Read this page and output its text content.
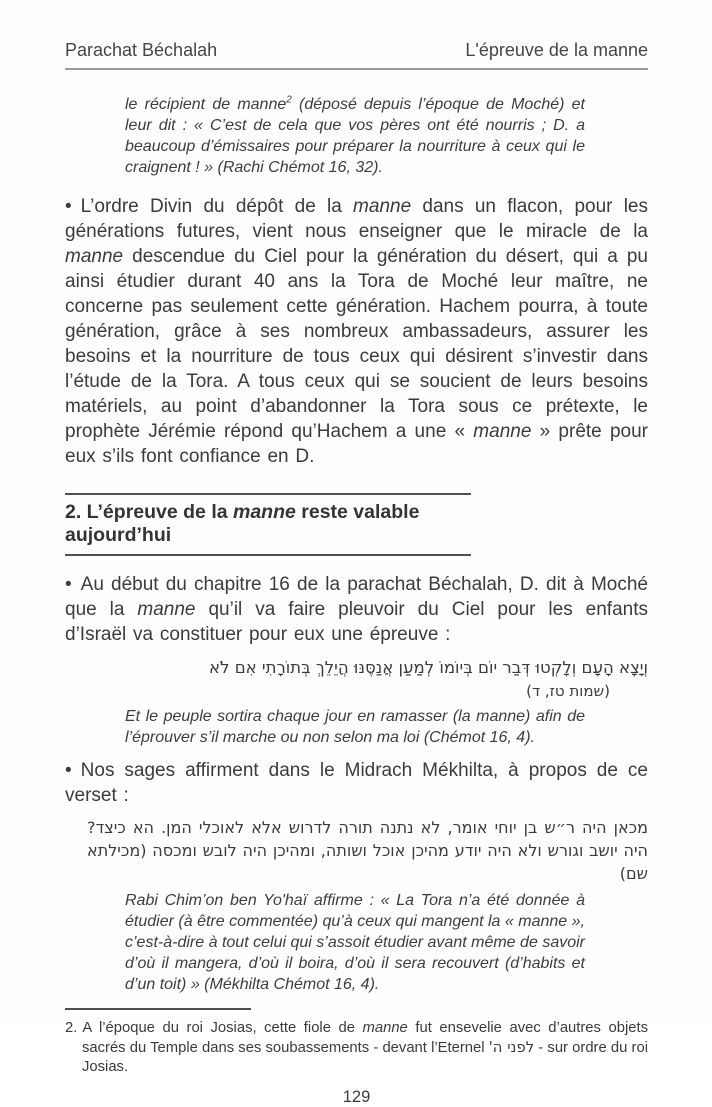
Parachat Béchalah	L'épreuve de la manne
le récipient de manne$^2$ (déposé depuis l’époque de Moché) et leur dit : « C’est de cela que vos pères ont été nourris ; D. a beaucoup d’émissaires pour préparer la nourriture à ceux qui le craignent ! » (Rachi Chémot 16, 32).

• L’ordre Divin du dépôt de la manne dans un flacon, pour les générations futures, vient nous enseigner que le miracle de la manne descendue du Ciel pour la génération du désert, qui a pu ainsi étudier durant 40 ans la Tora de Moché leur maître, ne concerne pas seulement cette génération. Hachem pourra, à toute génération, grâce à ses nombreux ambassadeurs, assurer les besoins et la nourriture de tous ceux qui désirent s’investir dans l’étude de la Tora. A tous ceux qui se soucient de leurs besoins matériels, au point d’abandonner la Tora sous ce prétexte, le prophète Jérémie répond qu’Hachem a une « manne » prête pour eux s’ils font confiance en D.

2. L’épreuve de la manne reste valable aujourd’hui

• Au début du chapitre 16 de la parachat Béchalah, D. dit à Moché que la manne qu’il va faire pleuvoir du Ciel pour les enfants d’Israël va constituer pour eux une épreuve :

וְיָצָא הָעָם וְלָקְטוּ דְּבַר יוֹם בְּיוֹמוֹ לְמַעַן אֲנַסֶּנּוּ הֲיֵלֵךְ בְּתוֹרָתִי אִם לֹא
(שמות טז, ד)
Et le peuple sortira chaque jour en ramasser (la manne) afin de l’éprouver s’il marche ou non selon ma loi (Chémot 16, 4).

• Nos sages affirment dans le Midrach Mékhilta, à propos de ce verset :

מכאן היה ר״ש בן יוחי אומר, לא נתנה תורה לדרוש אלא לאוכלי המן. הא כיצד? היה יושב וגורש ולא היה יודע מהיכן אוכל ושותה, ומהיכן היה לובש ומכסה (מכילתא שם)
Rabi Chim’on ben Yo'haï affirme : « La Tora n’a été donnée à étudier (à être commentée) qu’à ceux qui mangent la « manne », c’est-à-dire à tout celui qui s’assoit étudier avant même de savoir d’où il mangera, d’où il boira, d’où il sera recouvert (d’habits et d’un toit) » (Mékhilta Chémot 16, 4).

2. A l’époque du roi Josias, cette fiole de manne fut ensevelie avec d’autres objets sacrés du Temple dans ses soubassements - devant l’Eternel לפני ה' - sur ordre du roi Josias.

129
